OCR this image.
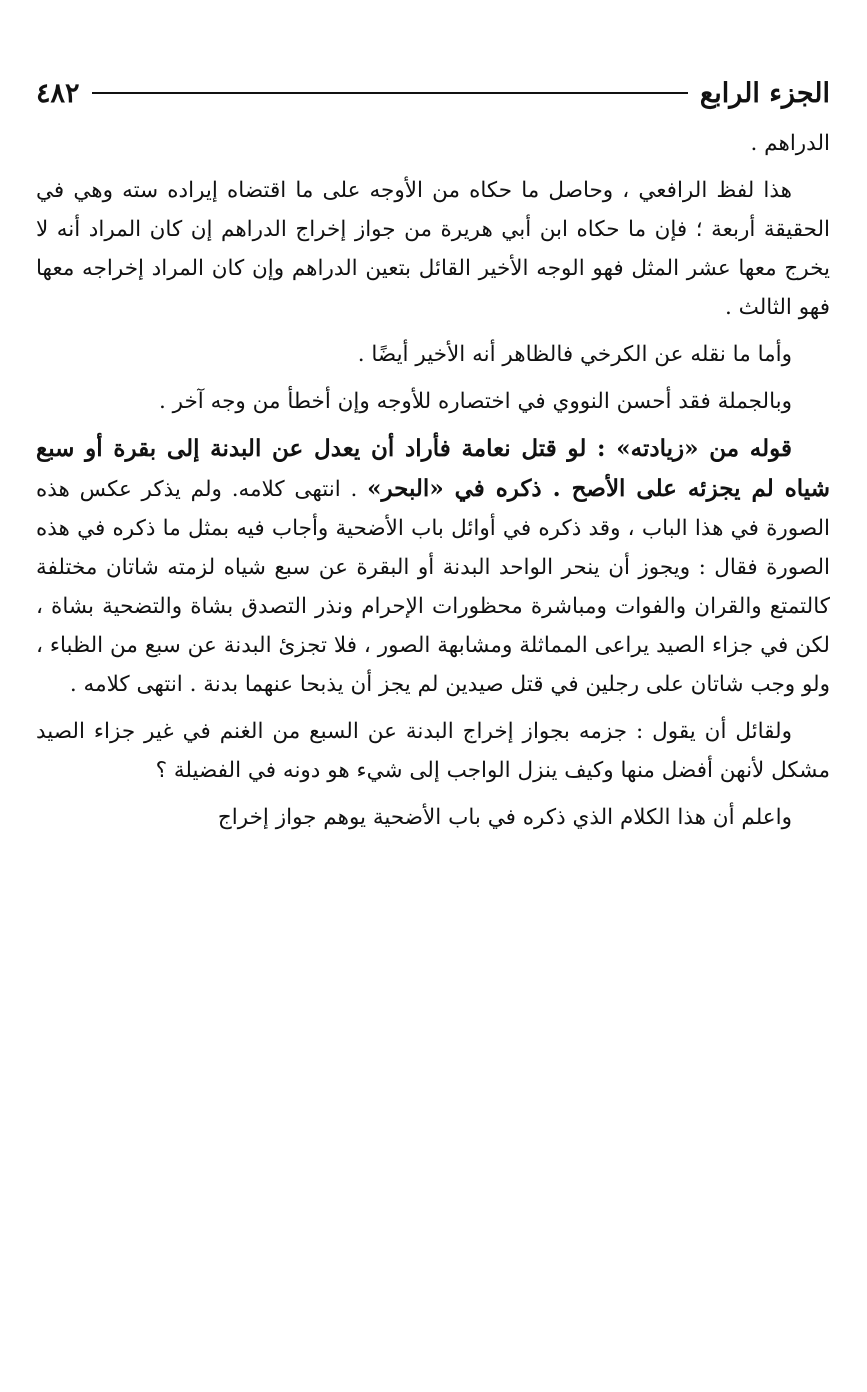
الجزء الرابع
٤٨٢

الدراهم .

هذا لفظ الرافعي ، وحاصل ما حكاه من الأوجه على ما اقتضاه إيراده سته وهي في الحقيقة أربعة ؛ فإن ما حكاه ابن أبي هريرة من جواز إخراج الدراهم إن كان المراد أنه لا يخرج معها عشر المثل فهو الوجه الأخير القائل بتعين الدراهم وإن كان المراد إخراجه معها فهو الثالث .

وأما ما نقله عن الكرخي فالظاهر أنه الأخير أيضًا .

وبالجملة فقد أحسن النووي في اختصاره للأوجه وإن أخطأ من وجه آخر .

قوله من «زيادته» : لو قتل نعامة فأراد أن يعدل عن البدنة إلى بقرة أو سبع شياه لم يجزئه على الأصح . ذكره في «البحر» . انتهى كلامه. ولم يذكر عكس هذه الصورة في هذا الباب ، وقد ذكره في أوائل باب الأضحية وأجاب فيه بمثل ما ذكره في هذه الصورة فقال : ويجوز أن ينحر الواحد البدنة أو البقرة عن سبع شياه لزمته شاتان مختلفة كالتمتع والقران والفوات ومباشرة محظورات الإحرام ونذر التصدق بشاة والتضحية بشاة ، لكن في جزاء الصيد يراعى المماثلة ومشابهة الصور ، فلا تجزئ البدنة عن سبع من الظباء ، ولو وجب شاتان على رجلين في قتل صيدين لم يجز أن يذبحا عنهما بدنة . انتهى كلامه .

ولقائل أن يقول : جزمه بجواز إخراج البدنة عن السبع من الغنم في غير جزاء الصيد مشكل لأنهن أفضل منها وكيف ينزل الواجب إلى شيء هو دونه في الفضيلة ؟

واعلم أن هذا الكلام الذي ذكره في باب الأضحية يوهم جواز إخراج
